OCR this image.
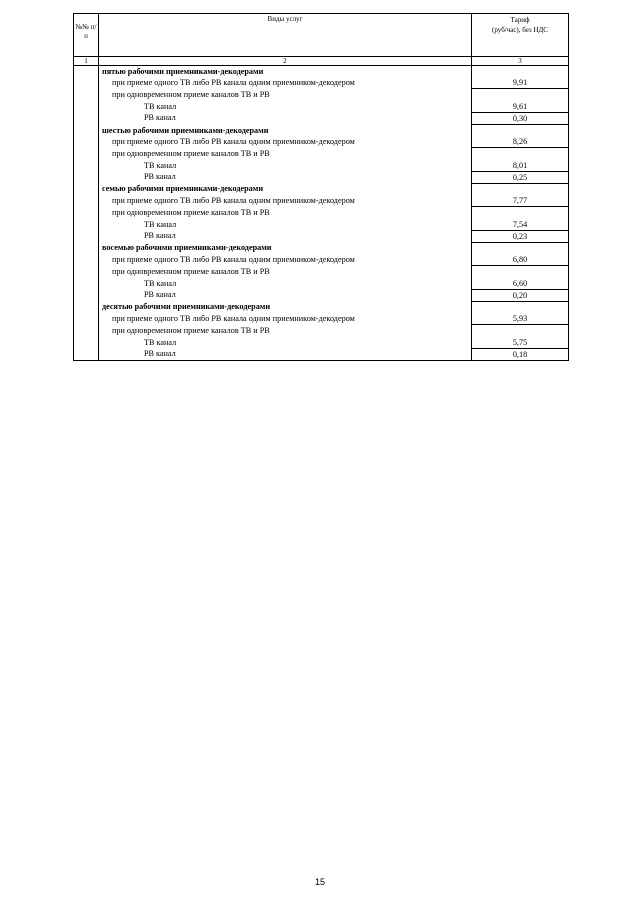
№№ п/п	Виды услуг	Тариф
(руб/час), без НДС
1	2	3
	пятью рабочими приемниками-декодерами	
	при приеме одного ТВ либо РВ канала одним приемником-декодером	9,91
	при одновременном приеме каналов ТВ и РВ	
	ТВ канал	9,61
	РВ канал	0,30
	шестью рабочими приемниками-декодерами	
	при приеме одного ТВ либо РВ канала одним приемником-декодером	8,26
	при одновременном приеме каналов ТВ и РВ	
	ТВ канал	8,01
	РВ канал	0,25
	семью рабочими приемниками-декодерами	
	при приеме одного ТВ либо РВ канала одним приемником-декодером	7,77
	при одновременном приеме каналов ТВ и РВ	
	ТВ канал	7,54
	РВ канал	0,23
	восемью рабочими приемниками-декодерами	
	при приеме одного ТВ либо РВ канала одним приемником-декодером	6,80
	при одновременном приеме каналов ТВ и РВ	
	ТВ канал	6,60
	РВ канал	0,20
	десятью рабочими приемниками-декодерами	
	при приеме одного ТВ либо РВ канала одним приемником-декодером	5,93
	при одновременном приеме каналов ТВ и РВ	
	ТВ канал	5,75
	РВ канал	0,18
15
